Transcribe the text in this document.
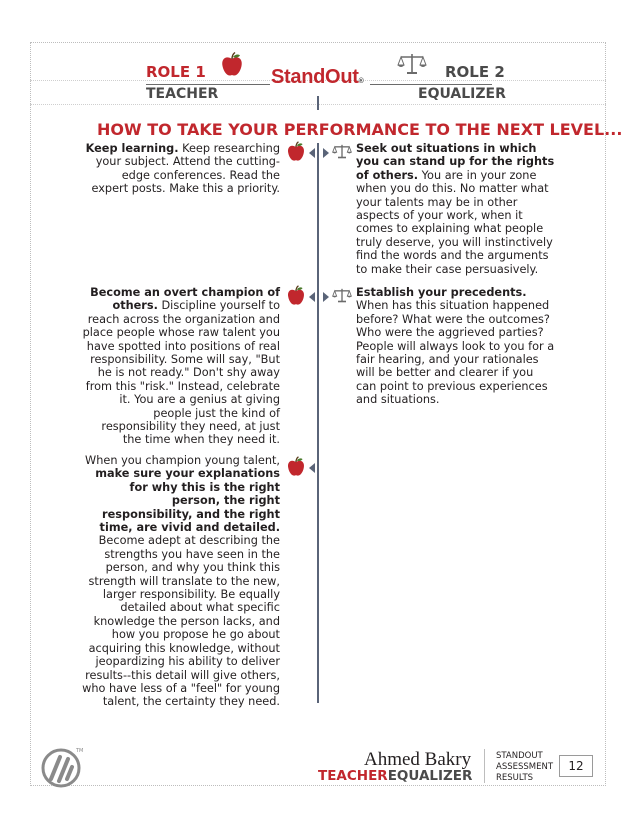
ROLE 1
TEACHER
StandOut®
ROLE 2
EQUALIZER
HOW TO TAKE YOUR PERFORMANCE TO THE NEXT LEVEL...
Keep learning. Keep researching your subject. Attend the cutting-edge conferences. Read the expert posts. Make this a priority.
Become an overt champion of others. Discipline yourself to reach across the organization and place people whose raw talent you have spotted into positions of real responsibility. Some will say, "But he is not ready." Don't shy away from this "risk." Instead, celebrate it. You are a genius at giving people just the kind of responsibility they need, at just the time when they need it.
When you champion young talent, make sure your explanations for why this is the right person, the right responsibility, and the right time, are vivid and detailed. Become adept at describing the strengths you have seen in the person, and why you think this strength will translate to the new, larger responsibility. Be equally detailed about what specific knowledge the person lacks, and how you propose he go about acquiring this knowledge, without jeopardizing his ability to deliver results--this detail will give others, who have less of a "feel" for young talent, the certainty they need.
Seek out situations in which you can stand up for the rights of others. You are in your zone when you do this. No matter what your talents may be in other aspects of your work, when it comes to explaining what people truly deserve, you will instinctively find the words and the arguments to make their case persuasively.
Establish your precedents. When has this situation happened before? What were the outcomes? Who were the aggrieved parties? People will always look to you for a fair hearing, and your rationales will be better and clearer if you can point to previous experiences and situations.
TM	Ahmed Bakry
TEACHEREQUALIZER
STANDOUT
ASSESSMENT
RESULTS
12
